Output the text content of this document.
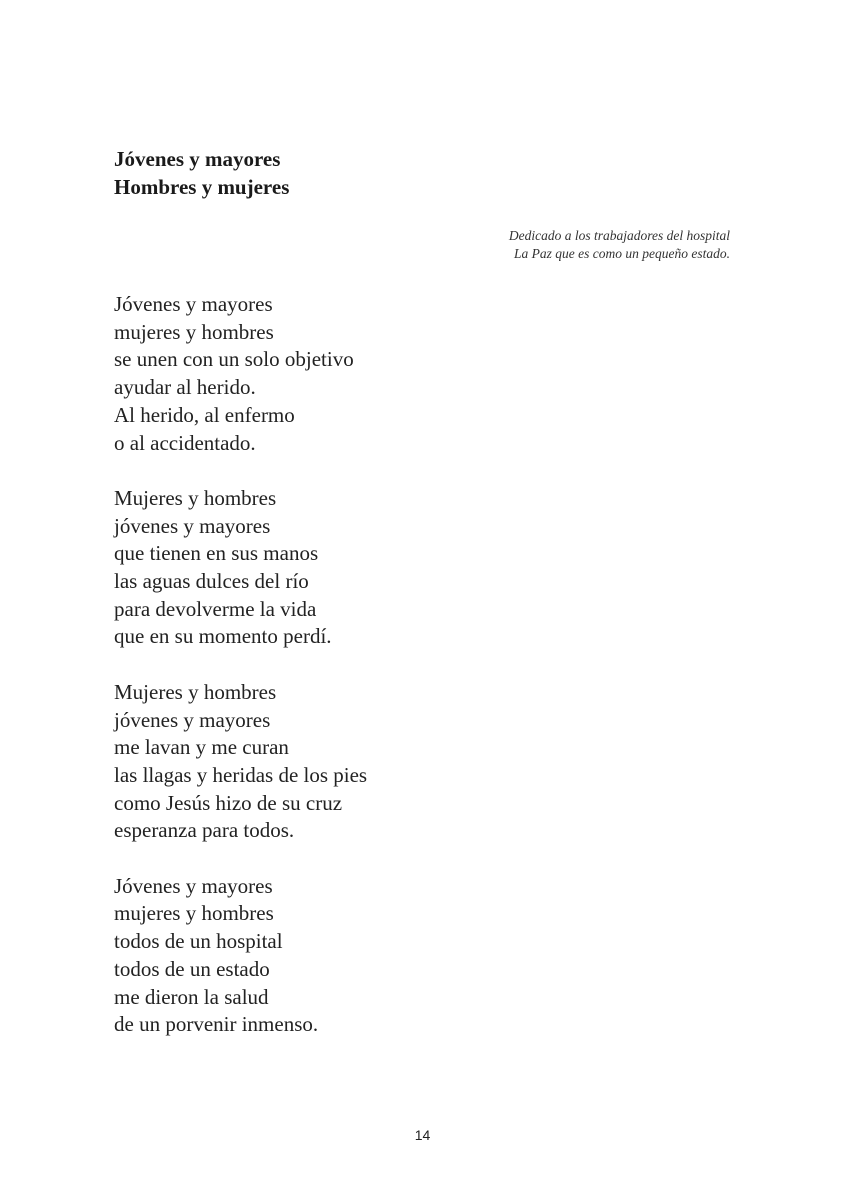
Jóvenes y mayores
Hombres y mujeres
Dedicado a los trabajadores del hospital
La Paz que es como un pequeño estado.
Jóvenes y mayores
mujeres y hombres
se unen con un solo objetivo
ayudar al herido.
Al herido, al enfermo
o al accidentado.
Mujeres y hombres
jóvenes y mayores
que tienen en sus manos
las aguas dulces del río
para devolverme la vida
que en su momento perdí.
Mujeres y hombres
jóvenes y mayores
me lavan y me curan
las llagas y heridas de los pies
como Jesús hizo de su cruz
esperanza para todos.
Jóvenes y mayores
mujeres y hombres
todos de un hospital
todos de un estado
me dieron la salud
de un porvenir inmenso.
14
